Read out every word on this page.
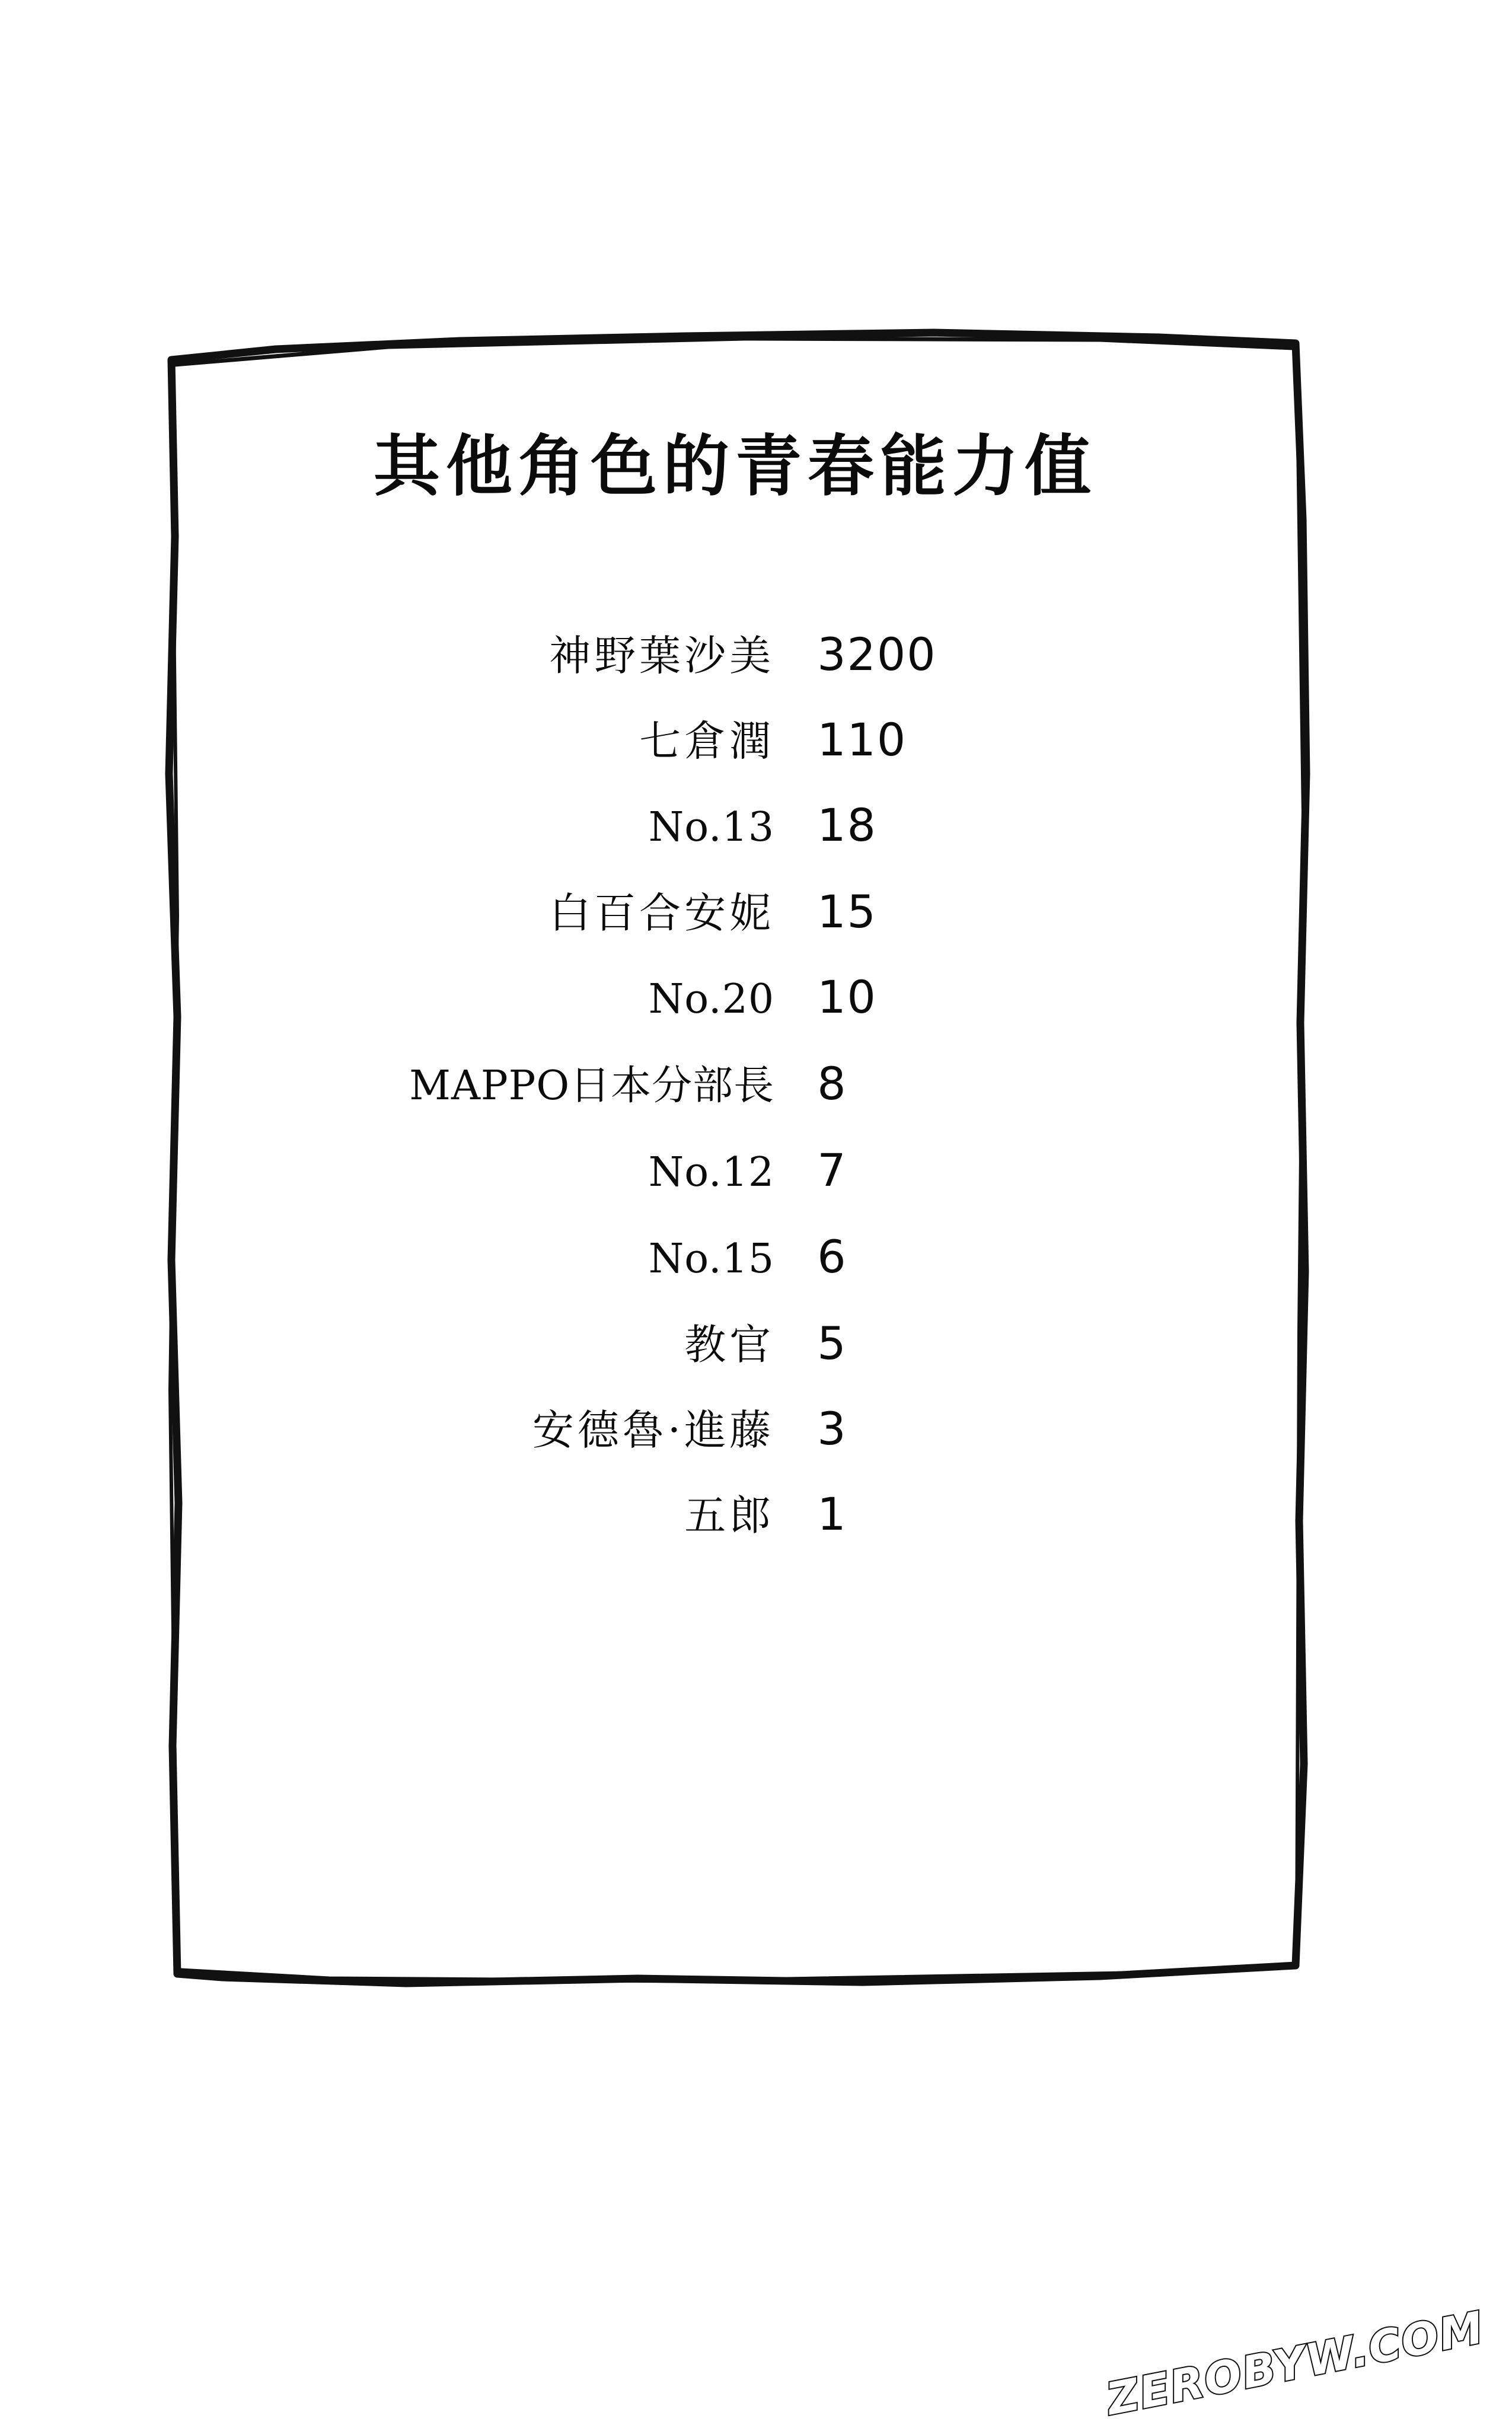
其他角色的青春能力值
神野葉沙美	3200
七倉潤	110
No.13	18
白百合安妮	15
No.20	10
MAPPO日本分部長	8
No.12	7
No.15	6
教官	5
安德魯·進藤	3
五郎	1
ZEROBYW.COM
